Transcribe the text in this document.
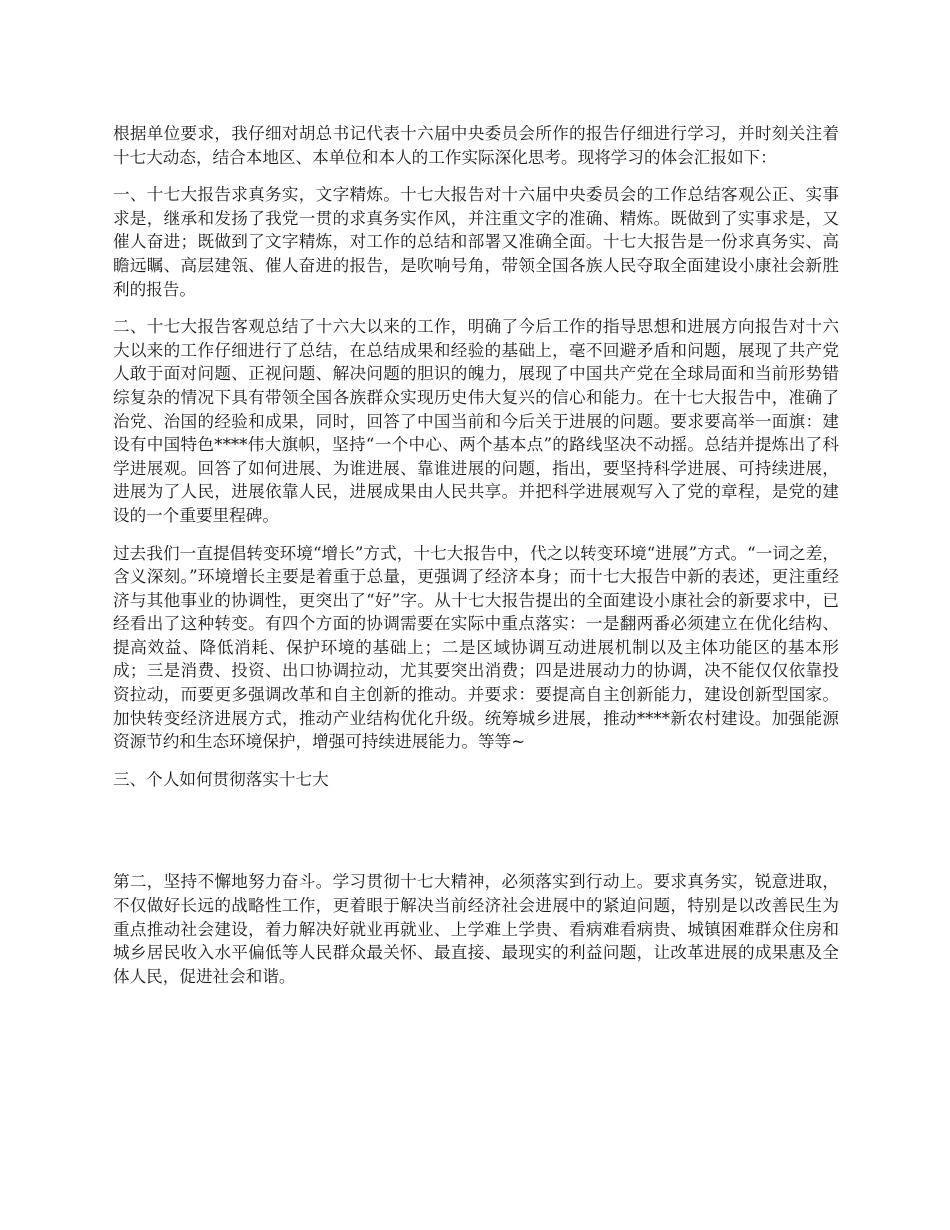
根据单位要求，我仔细对胡总书记代表十六届中央委员会所作的报告仔细进行学习，并时刻关注着十七大动态，结合本地区、本单位和本人的工作实际深化思考。现将学习的体会汇报如下：

一、十七大报告求真务实，文字精炼。十七大报告对十六届中央委员会的工作总结客观公正、实事求是，继承和发扬了我党一贯的求真务实作风，并注重文字的准确、精炼。既做到了实事求是，又催人奋进；既做到了文字精炼，对工作的总结和部署又准确全面。十七大报告是一份求真务实、高瞻远瞩、高层建瓴、催人奋进的报告，是吹响号角，带领全国各族人民夺取全面建设小康社会新胜利的报告。

二、十七大报告客观总结了十六大以来的工作，明确了今后工作的指导思想和进展方向报告对十六大以来的工作仔细进行了总结，在总结成果和经验的基础上，毫不回避矛盾和问题，展现了共产党人敢于面对问题、正视问题、解决问题的胆识的魄力，展现了中国共产党在全球局面和当前形势错综复杂的情况下具有带领全国各族群众实现历史伟大复兴的信心和能力。在十七大报告中，准确了治党、治国的经验和成果，同时，回答了中国当前和今后关于进展的问题。要求要高举一面旗：建设有中国特色****伟大旗帜，坚持“一个中心、两个基本点”的路线坚决不动摇。总结并提炼出了科学进展观。回答了如何进展、为谁进展、靠谁进展的问题，指出，要坚持科学进展、可持续进展，进展为了人民，进展依靠人民，进展成果由人民共享。并把科学进展观写入了党的章程，是党的建设的一个重要里程碑。

过去我们一直提倡转变环境“增长”方式，十七大报告中，代之以转变环境“进展”方式。“一词之差，含义深刻。”环境增长主要是着重于总量，更强调了经济本身；而十七大报告中新的表述，更注重经济与其他事业的协调性，更突出了“好”字。从十七大报告提出的全面建设小康社会的新要求中，已经看出了这种转变。有四个方面的协调需要在实际中重点落实：一是翻两番必须建立在优化结构、提高效益、降低消耗、保护环境的基础上；二是区域协调互动进展机制以及主体功能区的基本形成；三是消费、投资、出口协调拉动，尤其要突出消费；四是进展动力的协调，决不能仅仅依靠投资拉动，而要更多强调改革和自主创新的推动。并要求：要提高自主创新能力，建设创新型国家。加快转变经济进展方式，推动产业结构优化升级。统筹城乡进展，推动****新农村建设。加强能源资源节约和生态环境保护，增强可持续进展能力。等等~

三、个人如何贯彻落实十七大

第二，坚持不懈地努力奋斗。学习贯彻十七大精神，必须落实到行动上。要求真务实，锐意进取，不仅做好长远的战略性工作，更着眼于解决当前经济社会进展中的紧迫问题，特别是以改善民生为重点推动社会建设，着力解决好就业再就业、上学难上学贵、看病难看病贵、城镇困难群众住房和城乡居民收入水平偏低等人民群众最关怀、最直接、最现实的利益问题，让改革进展的成果惠及全体人民，促进社会和谐。
